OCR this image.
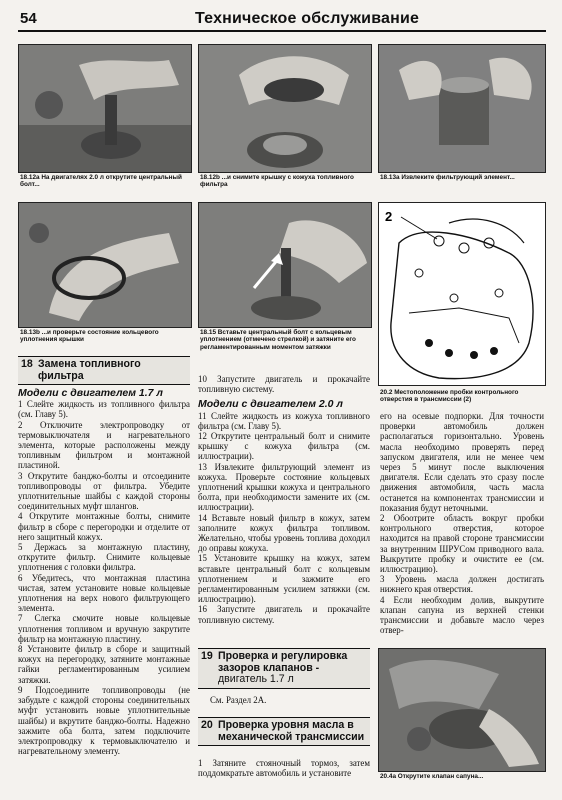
54	Техническое обслуживание
18.12a На двигателях 2.0 л открутите центральный болт...
18.12b ...и снимите крышку с кожуха топливного фильтра
18.13a Извлеките фильтрующий элемент...
18.13b ...и проверьте состояние кольцевого уплотнения крышки
18.15 Вставьте центральный болт с кольцевым уплотнением (отмечено стрелкой) и затяните его регламентированным моментом затяжки
2
20.2 Местоположение пробки контрольного отверстия в трансмиссии (2)
18 Замена топливного фильтра
Модели с двигателем 1.7 л

1 Слейте жидкость из топливного фильтра (см. Главу 5).

2 Отключите электропроводку от термовыключателя и нагревательного элемента, которые расположены между топливным фильтром и монтажной пластиной.

3 Открутите банджо-болты и отсоедините топливопроводы от фильтра. Убедите уплотнительные шайбы с каждой стороны соединительных муфт шлангов.

4 Открутите монтажные болты, снимите фильтр в сборе с перегородки и отделите от него защитный кожух.

5 Держась за монтажную пластину, открутите фильтр. Снимите кольцевые уплотнения с головки фильтра.

6 Убедитесь, что монтажная пластина чистая, затем установите новые кольцевые уплотнения на верх нового фильтрующего элемента.

7 Слегка смочите новые кольцевые уплотнения топливом и вручную закрутите фильтр на монтажную пластину.

8 Установите фильтр в сборе и защитный кожух на перегородку, затяните монтажные гайки регламентированным усилием затяжки.

9 Подсоедините топливопроводы (не забудьте с каждой стороны соединительных муфт установить новые уплотнительные шайбы) и вкрутите банджо-болты. Надежно зажмите оба болта, затем подключите электропроводку к термовыключателю и нагревательному элементу.

10 Запустите двигатель и прокачайте топливную систему.

Модели с двигателем 2.0 л

11 Слейте жидкость из кожуха топливного фильтра (см. Главу 5).

12 Открутите центральный болт и снимите крышку с кожуха фильтра (см. иллюстрации).

13 Извлеките фильтрующий элемент из кожуха. Проверьте состояние кольцевых уплотнений крышки кожуха и центрального болта, при необходимости замените их (см. иллюстрации).

14 Вставьте новый фильтр в кожух, затем заполните кожух фильтра топливом. Желательно, чтобы уровень топлива доходил до оправы кожуха.

15 Установите крышку на кожух, затем вставьте центральный болт с кольцевым уплотнением и зажмите его регламентированным усилием затяжки (см. иллюстрацию).

16 Запустите двигатель и прокачайте топливную систему.

19 Проверка и регулировка зазоров клапанов -
двигатель 1.7 л
См. Раздел 2А.
20 Проверка уровня масла в механической трансмиссии
1 Затяните стояночный тормоз, затем поддомкратьте автомобиль и установите

его на осевые подпорки. Для точности проверки автомобиль должен располагаться горизонтально. Уровень масла необходимо проверять перед запуском двигателя, или не менее чем через 5 минут после выключения двигателя. Если сделать это сразу после движения автомобиля, часть масла останется на компонентах трансмиссии и показания будут неточными.

2 Обоотрите область вокруг пробки контрольного отверстия, которое находится на правой стороне трансмиссии за внутренним ШРУСом приводного вала. Выкрутите пробку и очистите ее (см. иллюстрацию).

3 Уровень масла должен достигать нижнего края отверстия.

4 Если необходим долив, выкрутите клапан сапуна из верхней стенки трансмиссии и добавьте масло через отвер-

20.4a Открутите клапан сапуна...
